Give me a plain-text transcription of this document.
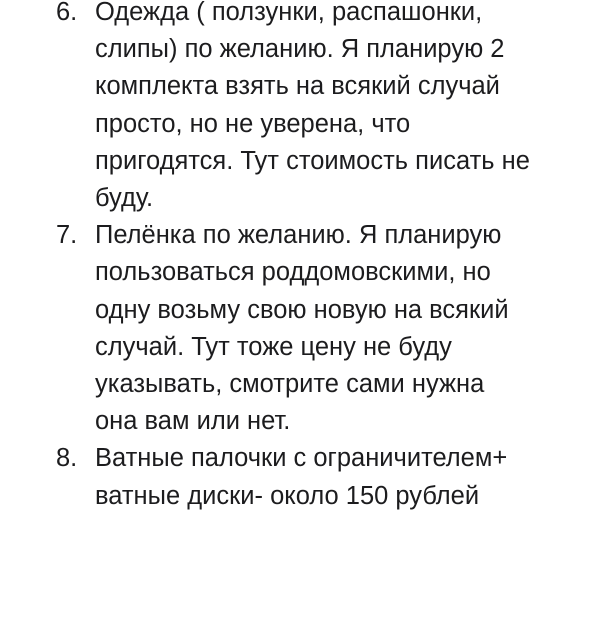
6. Одежда ( ползунки, распашонки,
слипы) по желанию. Я планирую 2
комплекта взять на всякий случай
просто, но не уверена, что
пригодятся. Тут стоимость писать не
буду.
7. Пелёнка по желанию. Я планирую
пользоваться роддомовскими, но
одну возьму свою новую на всякий
случай. Тут тоже цену не буду
указывать, смотрите сами нужна
она вам или нет.
8. Ватные палочки с ограничителем+
ватные диски- около 150 рублей
